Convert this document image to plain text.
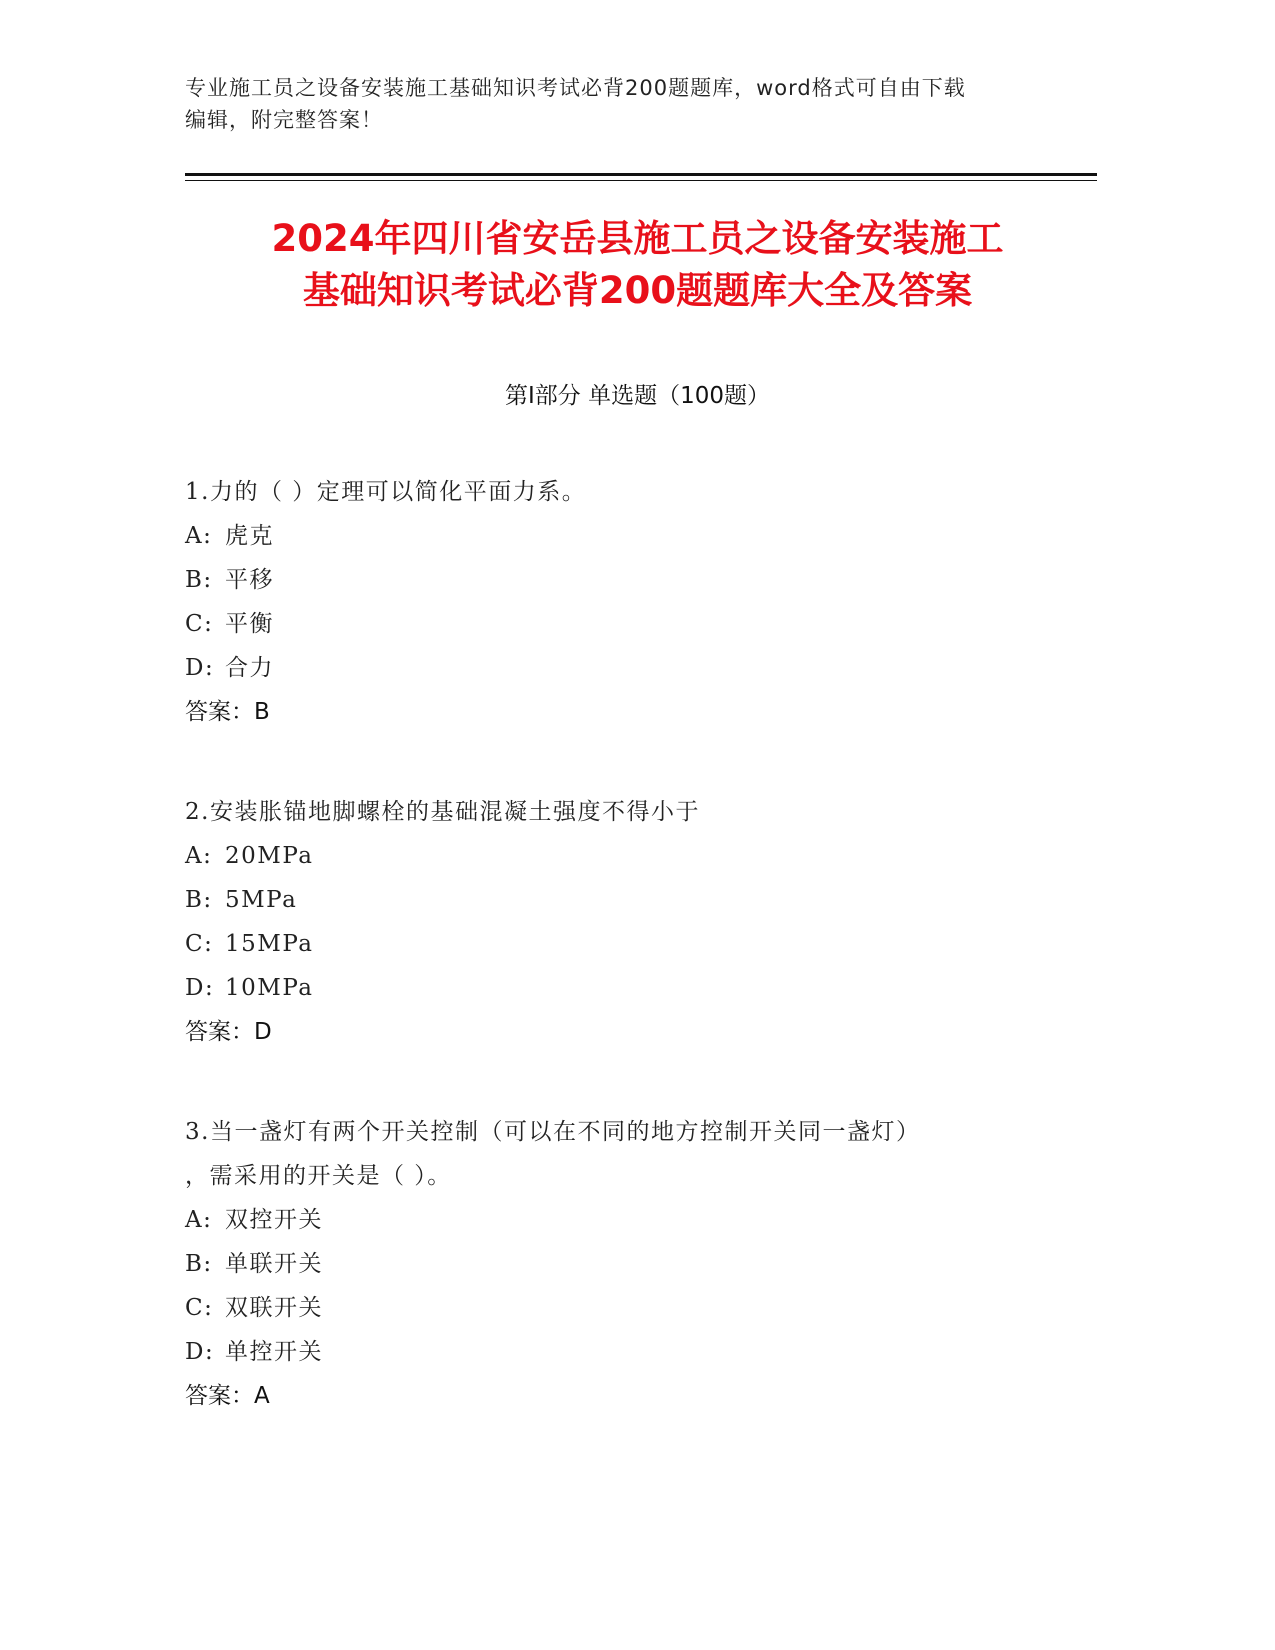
专业施工员之设备安装施工基础知识考试必背200题题库，word格式可自由下载
编辑，附完整答案！
2024年四川省安岳县施工员之设备安装施工
基础知识考试必背200题题库大全及答案
第I部分 单选题（100题）
1.力的（ ）定理可以简化平面力系。
A: 虎克
B: 平移
C: 平衡
D: 合力
答案：B
2.安装胀锚地脚螺栓的基础混凝土强度不得小于
A: 20MPa
B: 5MPa
C: 15MPa
D: 10MPa
答案：D
3.当一盏灯有两个开关控制（可以在不同的地方控制开关同一盏灯）
，需采用的开关是（ ）。
A: 双控开关
B: 单联开关
C: 双联开关
D: 单控开关
答案：A
